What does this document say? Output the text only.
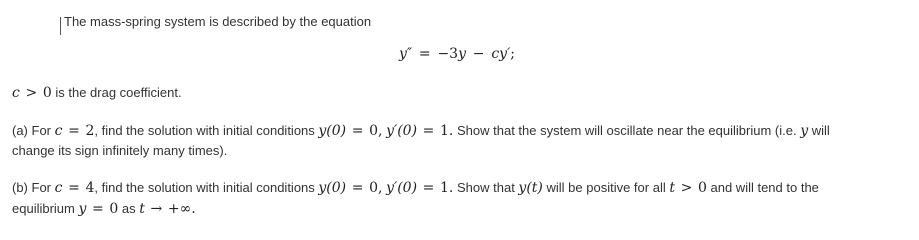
The mass-spring system is described by the equation
y″ = −3y − cy′;
c > 0 is the drag coefficient.
(a) For c = 2, find the solution with initial conditions y(0) = 0, y′(0) = 1. Show that the system will oscillate near the equilibrium (i.e. y will
change its sign infinitely many times).
(b) For c = 4, find the solution with initial conditions y(0) = 0, y′(0) = 1. Show that y(t) will be positive for all t > 0 and will tend to the
equilibrium y = 0 as t → +∞.
